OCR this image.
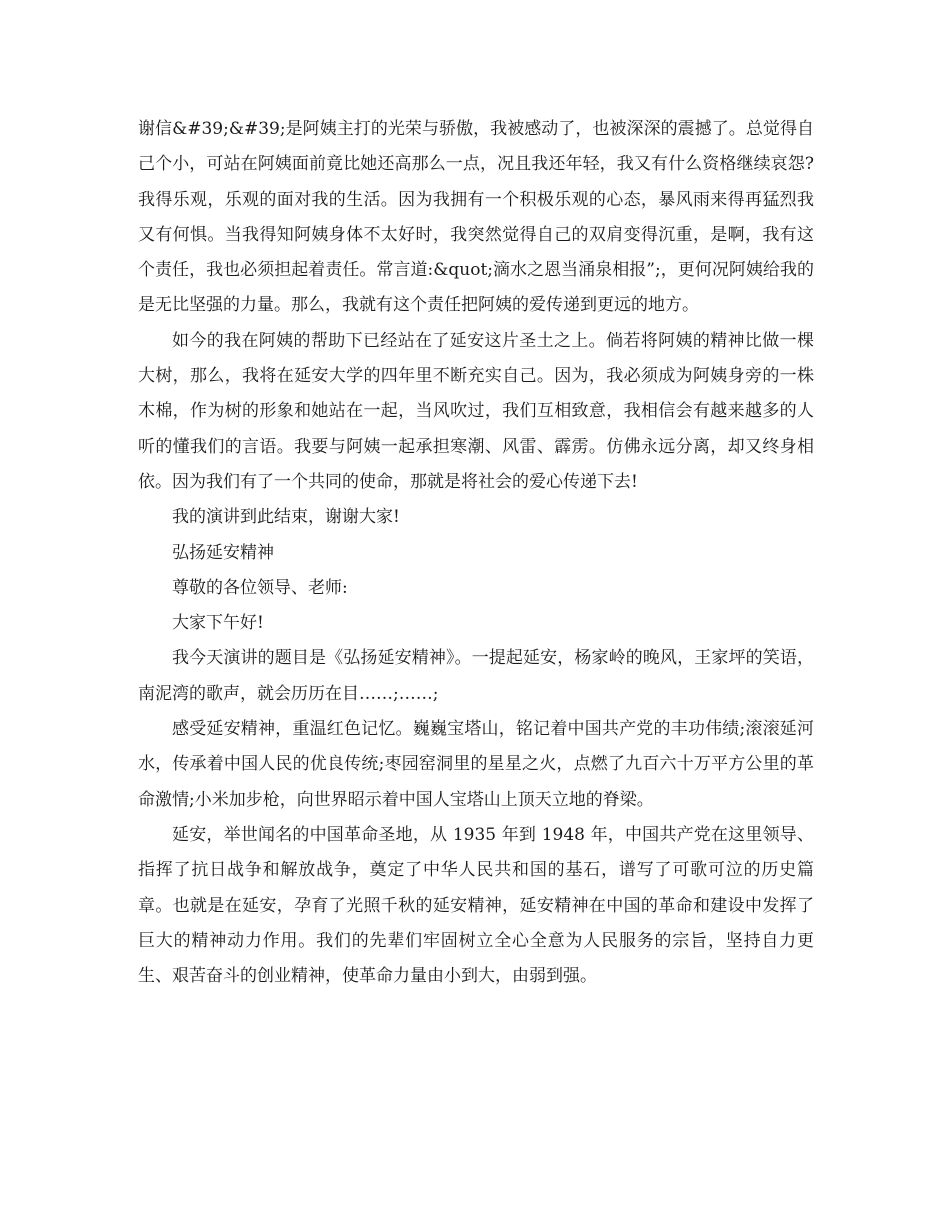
谢信&#39;&#39;是阿姨主打的光荣与骄傲，我被感动了，也被深深的震撼了。总觉得自己个小，可站在阿姨面前竟比她还高那么一点，况且我还年轻，我又有什么资格继续哀怨?我得乐观，乐观的面对我的生活。因为我拥有一个积极乐观的心态，暴风雨来得再猛烈我又有何惧。当我得知阿姨身体不太好时，我突然觉得自己的双肩变得沉重，是啊，我有这个责任，我也必须担起着责任。常言道:&quot;滴水之恩当涌泉相报”;，更何况阿姨给我的是无比坚强的力量。那么，我就有这个责任把阿姨的爱传递到更远的地方。

如今的我在阿姨的帮助下已经站在了延安这片圣土之上。倘若将阿姨的精神比做一棵大树，那么，我将在延安大学的四年里不断充实自己。因为，我必须成为阿姨身旁的一株木棉，作为树的形象和她站在一起，当风吹过，我们互相致意，我相信会有越来越多的人听的懂我们的言语。我要与阿姨一起承担寒潮、风雷、霹雳。仿佛永远分离，却又终身相依。因为我们有了一个共同的使命，那就是将社会的爱心传递下去!

我的演讲到此结束，谢谢大家!

弘扬延安精神

尊敬的各位领导、老师:

大家下午好!

我今天演讲的题目是《弘扬延安精神》。一提起延安，杨家岭的晚风，王家坪的笑语，南泥湾的歌声，就会历历在目……;……;

感受延安精神，重温红色记忆。巍巍宝塔山，铭记着中国共产党的丰功伟绩;滚滚延河水，传承着中国人民的优良传统;枣园窑洞里的星星之火，点燃了九百六十万平方公里的革命激情;小米加步枪，向世界昭示着中国人宝塔山上顶天立地的脊梁。

延安，举世闻名的中国革命圣地，从 1935 年到 1948 年，中国共产党在这里领导、指挥了抗日战争和解放战争，奠定了中华人民共和国的基石，谱写了可歌可泣的历史篇章。也就是在延安，孕育了光照千秋的延安精神，延安精神在中国的革命和建设中发挥了巨大的精神动力作用。我们的先辈们牢固树立全心全意为人民服务的宗旨，坚持自力更生、艰苦奋斗的创业精神，使革命力量由小到大，由弱到强。
